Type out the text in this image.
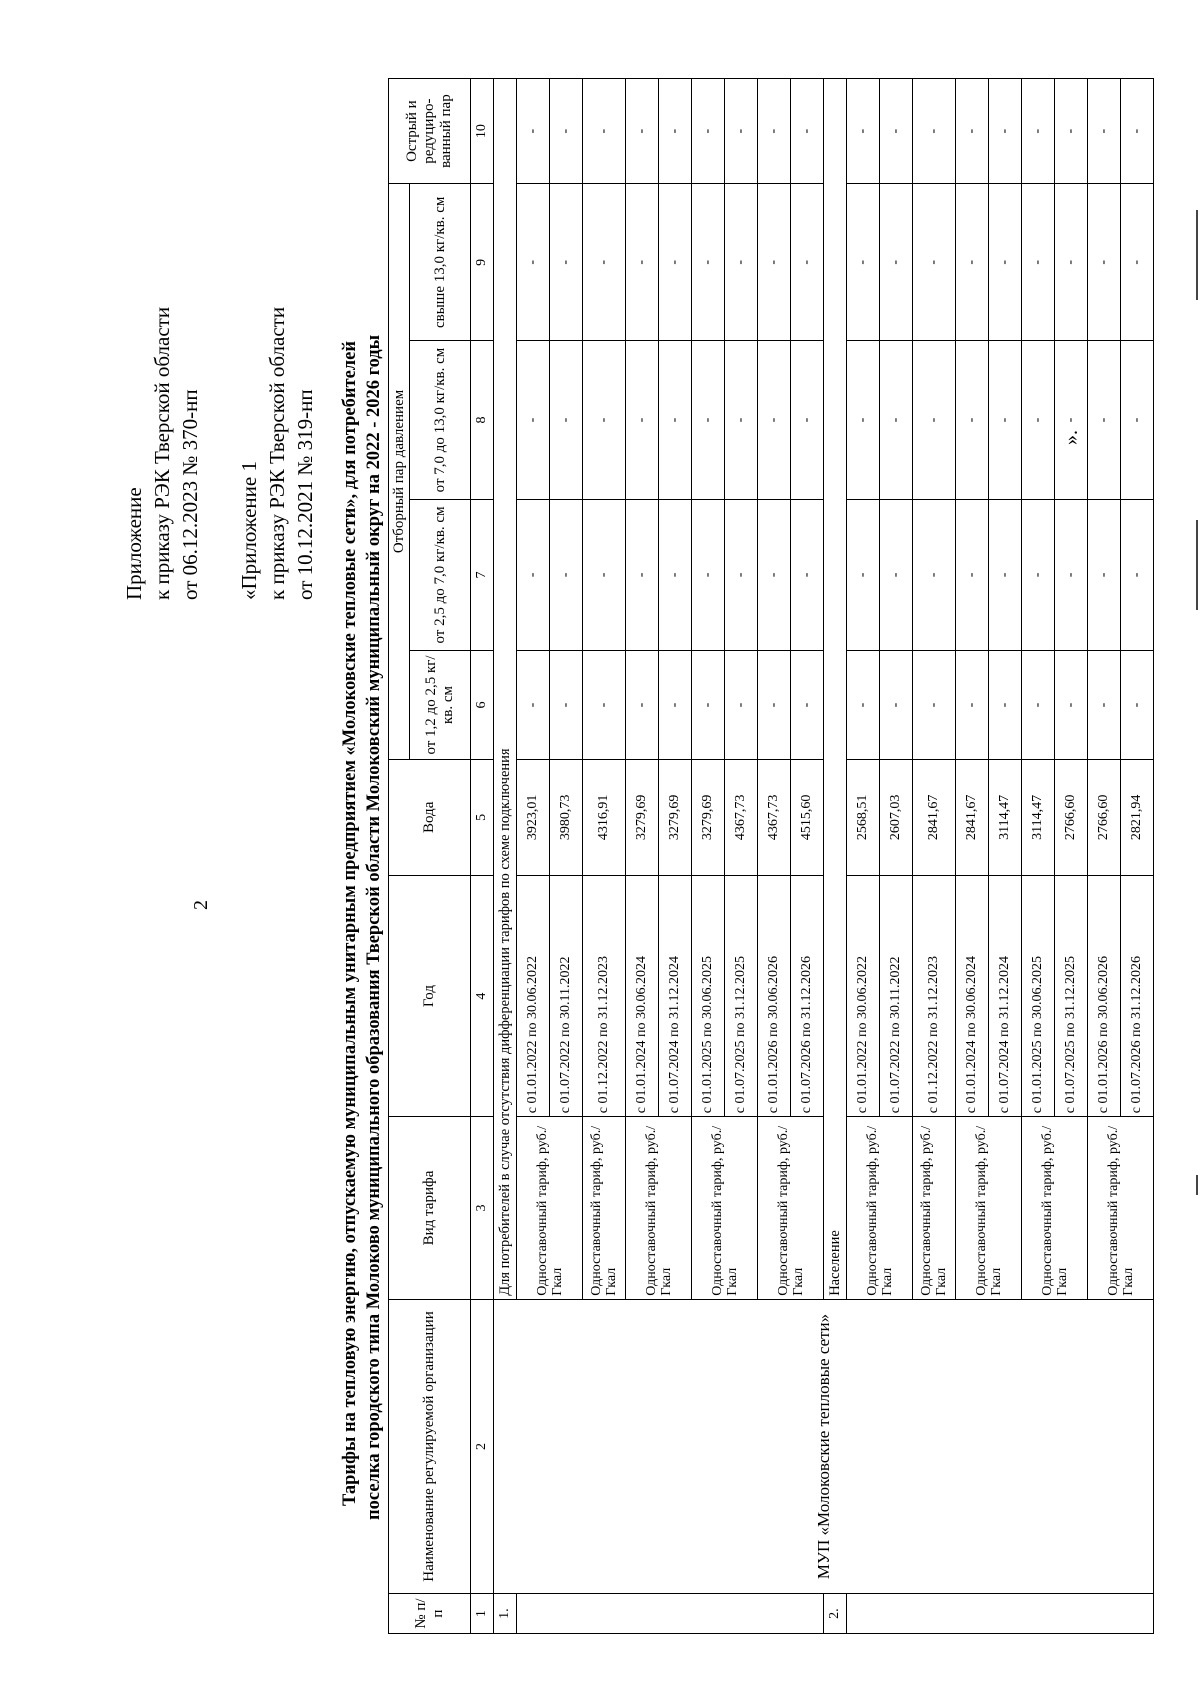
2
Приложение к приказу РЭК Тверской области от 06.12.2023 № 370-нп «Приложение 1 к приказу РЭК Тверской области от 10.12.2021 № 319-нп Тарифы на тепловую энергию, отпускаемую муниципальным унитарным предприятием «Молоковские тепловые сети», для потребителей поселка городского типа Молоково муниципального образования Тверской области Молоковский муниципальный округ на 2022 - 2026 годы
№ п/ п	Наименование регулируемой организации	Вид тарифа	Год	Вода	Отборный пар давлением				Острый и редуциро-ванный пар
					от 1,2 до 2,5 кг/кв. см	от 2,5 до 7,0 кг/кв. см	от 7,0 до 13,0 кг/кв. см	свыше 13,0 кг/кв. см	
1	2	3	4	5	6	7	8	9	10
1.	МУП «Молоковские тепловые сети»	Для потребителей в случае отсутствия дифференциации тарифов по схеме подключения							
		Одноставочный тариф, руб./Гкал	с 01.01.2022 по 30.06.2022	3923,01	-	-	-	-	-
			с 01.07.2022 по 30.11.2022	3980,73	-	-	-	-	-
		Одноставочный тариф, руб./Гкал	с 01.12.2022 по 31.12.2023	4316,91	-	-	-	-	-
		Одноставочный тариф, руб./Гкал	с 01.01.2024 по 30.06.2024	3279,69	-	-	-	-	-
			с 01.07.2024 по 31.12.2024	3279,69	-	-	-	-	-
		Одноставочный тариф, руб./Гкал	с 01.01.2025 по 30.06.2025	3279,69	-	-	-	-	-
			с 01.07.2025 по 31.12.2025	4367,73	-	-	-	-	-
		Одноставочный тариф, руб./Гкал	с 01.01.2026 по 30.06.2026	4367,73	-	-	-	-	-
			с 01.07.2026 по 31.12.2026	4515,60	-	-	-	-	-
2.		Население							
		Одноставочный тариф, руб./Гкал	с 01.01.2022 по 30.06.2022	2568,51	-	-	-	-	-
			с 01.07.2022 по 30.11.2022	2607,03	-	-	-	-	-
		Одноставочный тариф, руб./Гкал	с 01.12.2022 по 31.12.2023	2841,67	-	-	-	-	-
		Одноставочный тариф, руб./Гкал	с 01.01.2024 по 30.06.2024	2841,67	-	-	-	-	-
			с 01.07.2024 по 31.12.2024	3114,47	-	-	-	-	-
		Одноставочный тариф, руб./Гкал	с 01.01.2025 по 30.06.2025	3114,47	-	-	-	-	-
			с 01.07.2025 по 31.12.2025	2766,60	-	-	-	-	-
		Одноставочный тариф, руб./Гкал	с 01.01.2026 по 30.06.2026	2766,60	-	-	-	-	-
			с 01.07.2026 по 31.12.2026	2821,94	-	-	-	-	-
».
